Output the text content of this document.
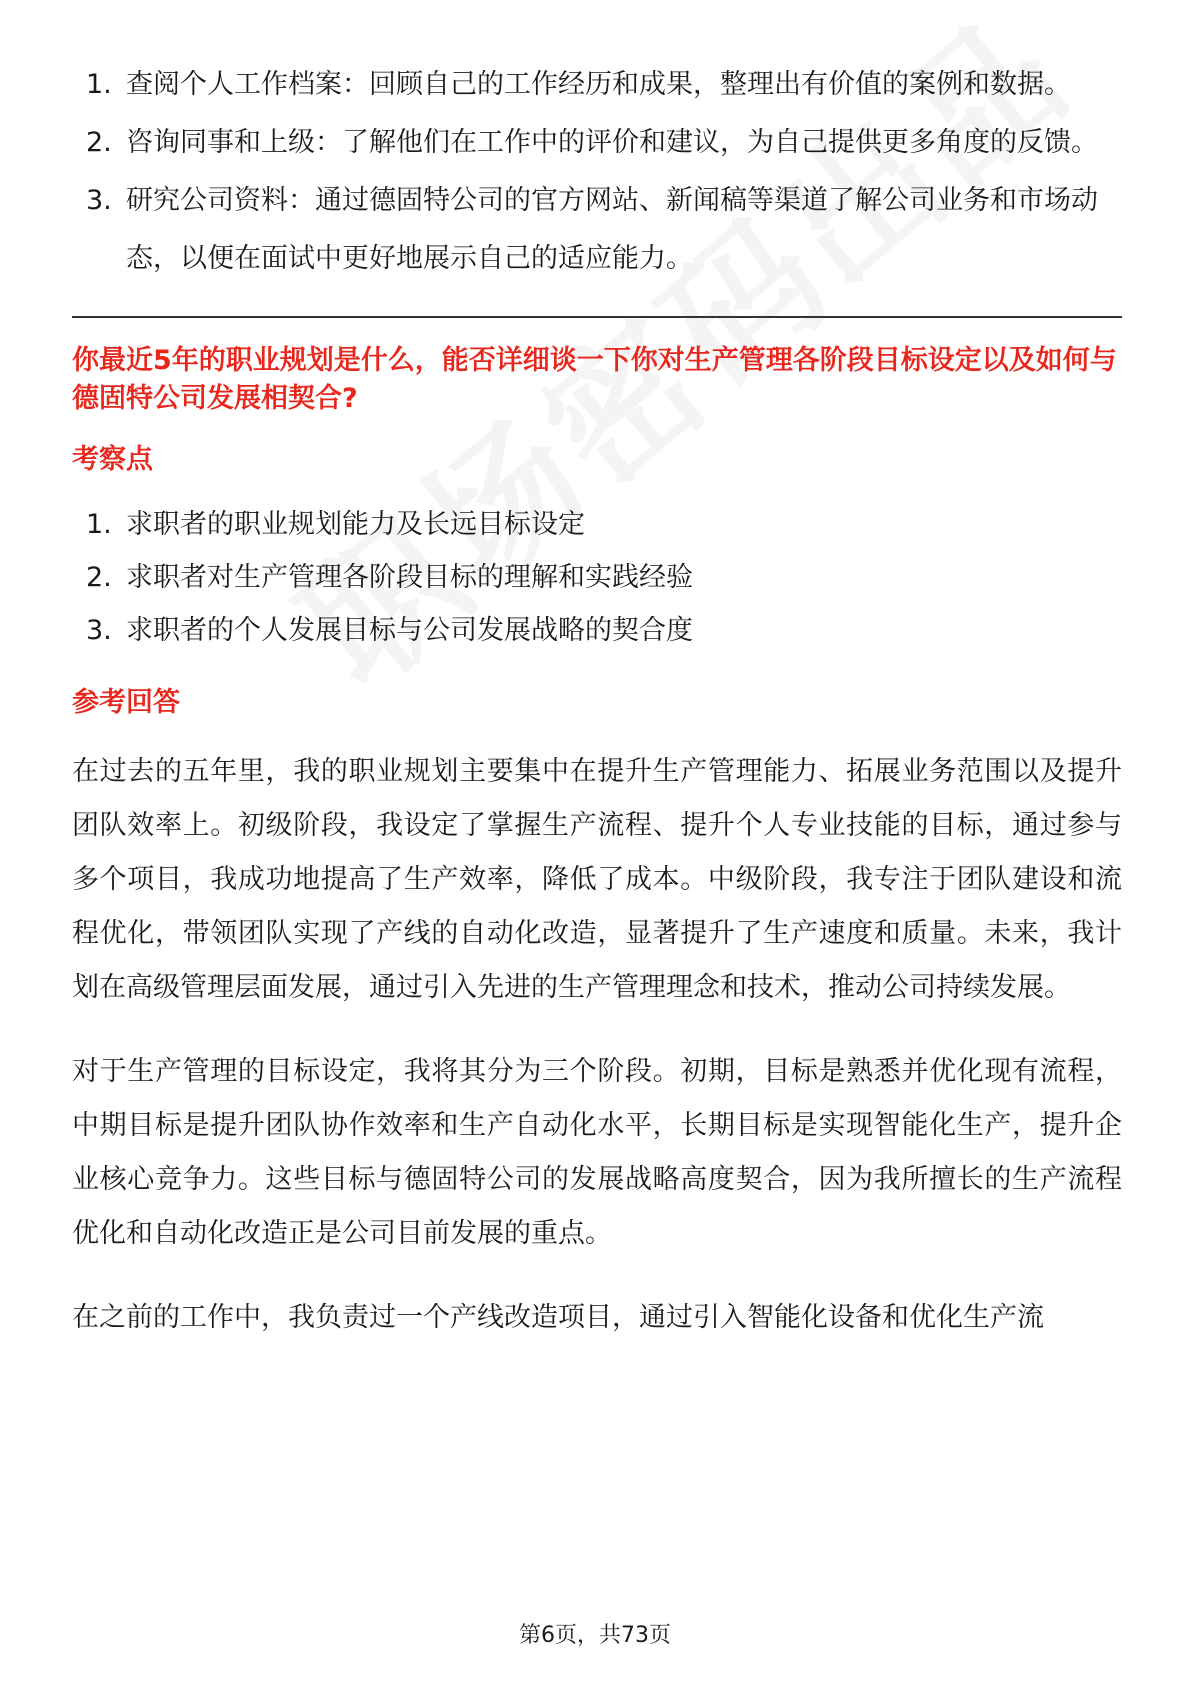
1. 查阅个人工作档案：回顾自己的工作经历和成果，整理出有价值的案例和数据。
2. 咨询同事和上级：了解他们在工作中的评价和建议，为自己提供更多角度的反馈。
3. 研究公司资料：通过德固特公司的官方网站、新闻稿等渠道了解公司业务和市场动态，以便在面试中更好地展示自己的适应能力。
你最近5年的职业规划是什么，能否详细谈一下你对生产管理各阶段目标设定以及如何与德固特公司发展相契合?
考察点
1. 求职者的职业规划能力及长远目标设定
2. 求职者对生产管理各阶段目标的理解和实践经验
3. 求职者的个人发展目标与公司发展战略的契合度
参考回答

在过去的五年里，我的职业规划主要集中在提升生产管理能力、拓展业务范围以及提升团队效率上。初级阶段，我设定了掌握生产流程、提升个人专业技能的目标，通过参与多个项目，我成功地提高了生产效率，降低了成本。中级阶段，我专注于团队建设和流程优化，带领团队实现了产线的自动化改造，显著提升了生产速度和质量。未来，我计划在高级管理层面发展，通过引入先进的生产管理理念和技术，推动公司持续发展。

对于生产管理的目标设定，我将其分为三个阶段。初期，目标是熟悉并优化现有流程，中期目标是提升团队协作效率和生产自动化水平，长期目标是实现智能化生产，提升企业核心竞争力。这些目标与德固特公司的发展战略高度契合，因为我所擅长的生产流程优化和自动化改造正是公司目前发展的重点。

在之前的工作中，我负责过一个产线改造项目，通过引入智能化设备和优化生产流

第6页，共73页
